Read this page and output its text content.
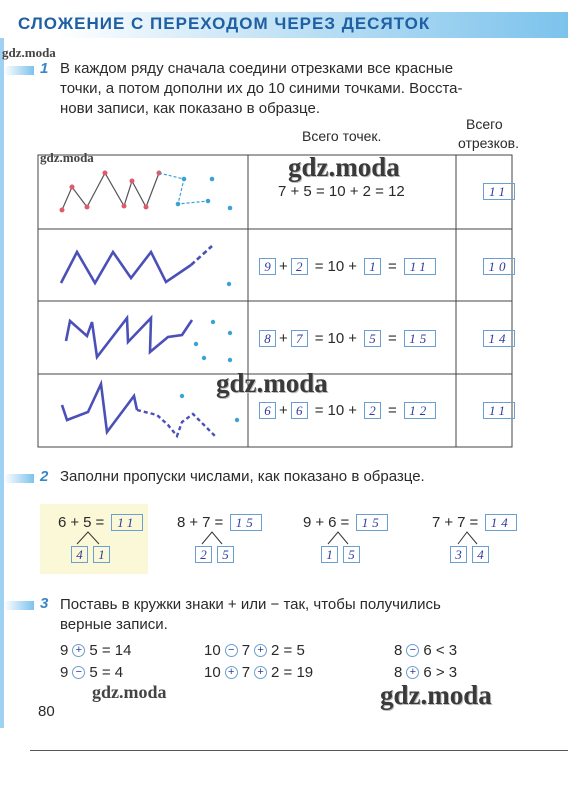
СЛОЖЕНИЕ С ПЕРЕХОДОМ ЧЕРЕЗ ДЕСЯТОК
gdz.moda
1 В каждом ряду сначала соедини отрезками все красные
точки, а потом дополни их до 10 синими точками. Восста-
нови записи, как показано в образце.
Всего точек.
Всего
отрезков.
gdz.moda	gdz.moda
7 + 5 = 10 + 2 = 12	11
9 + 2 = 10 + 1 = 11	10
8 + 7 = 10 + 5 = 15	14
gdz.moda
6 + 6 = 10 + 2 = 12	11
2 Заполни пропуски числами, как показано в образце.
6 + 5 = 11
4	1
8 + 7 = 15
2	5
9 + 6 = 15
1	5
7 + 7 = 14
3	4
3 Поставь в кружки знаки + или − так, чтобы получились
верные записи.
9 + 5 = 14	10 − 7 + 2 = 5	8 − 6 < 3
9 − 5 = 4	10 + 7 + 2 = 19	8 + 6 > 3
gdz.moda	gdz.moda
80
